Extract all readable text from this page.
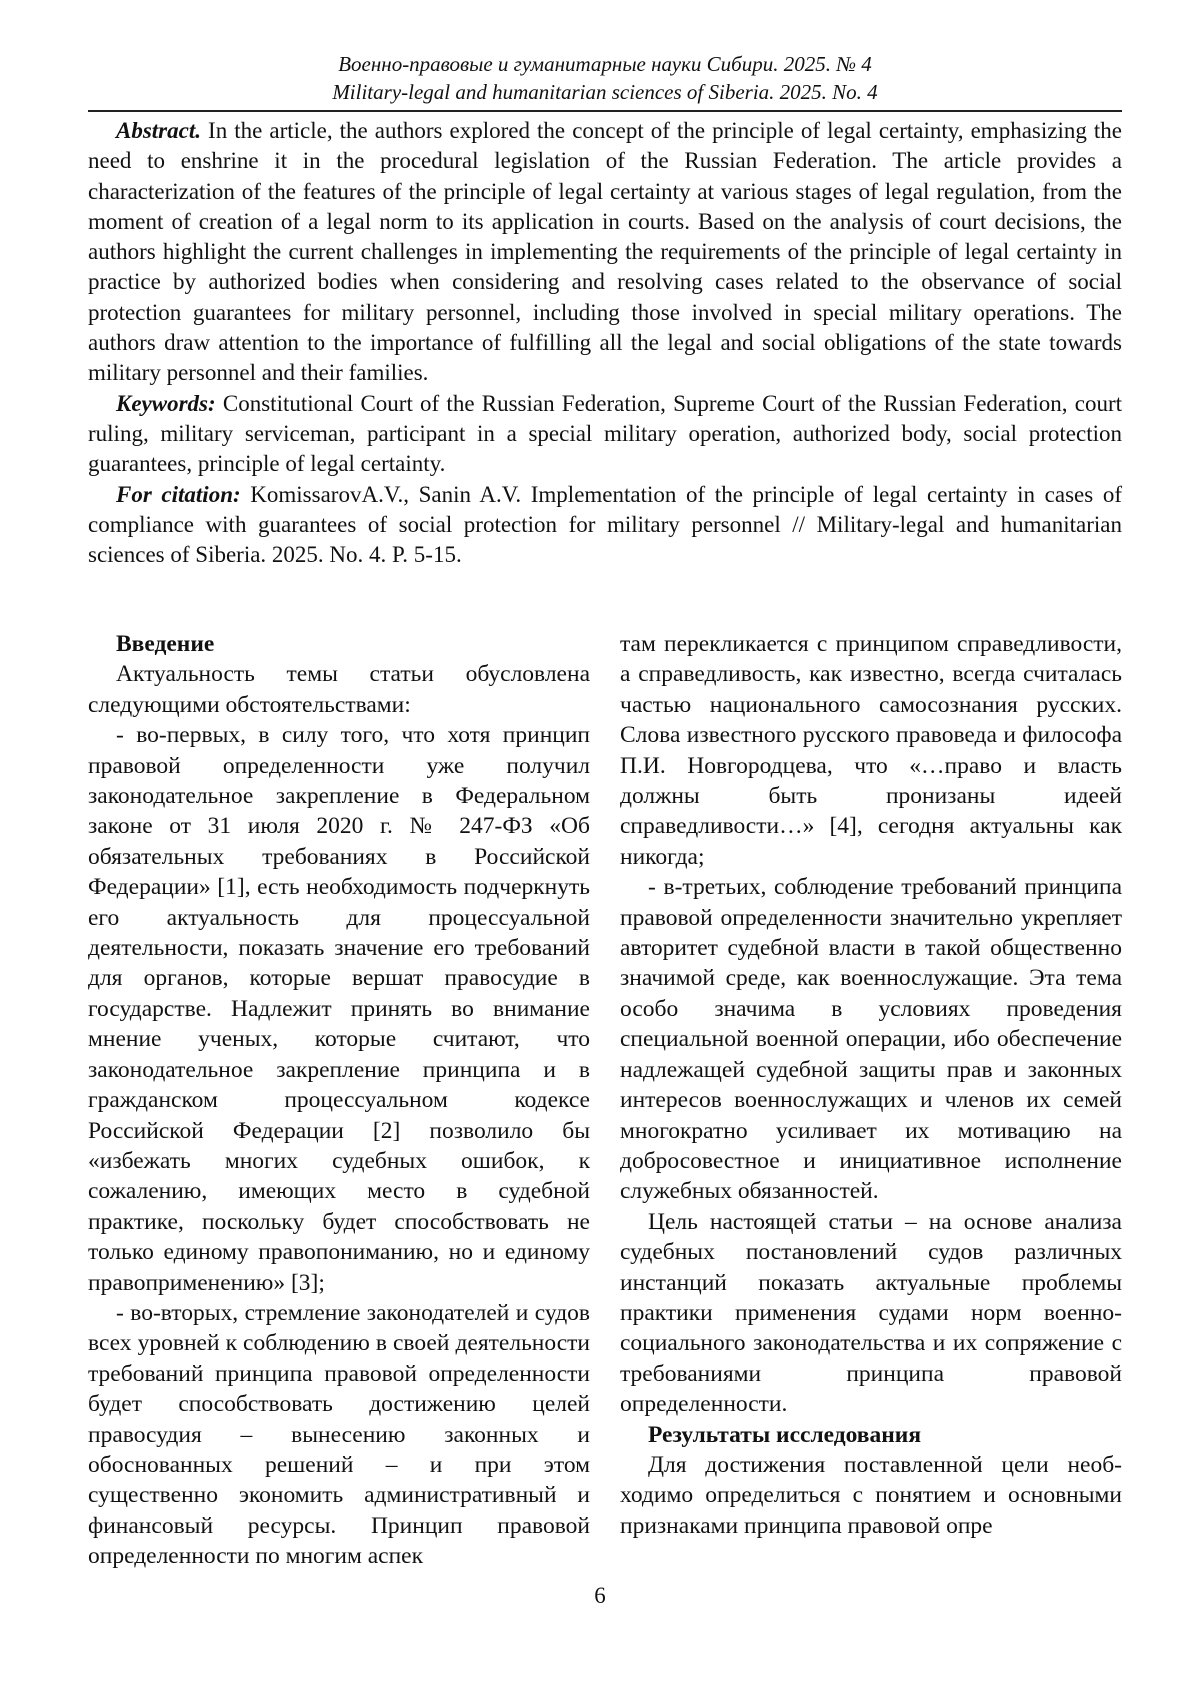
Военно-правовые и гуманитарные науки Сибири. 2025. № 4
Military-legal and humanitarian sciences of Siberia. 2025. No. 4

Abstract. In the article, the authors explored the concept of the principle of legal certainty, emphasizing the need to enshrine it in the procedural legislation of the Russian Federation. The article provides a characterization of the features of the principle of legal certainty at various stages of legal regulation, from the moment of creation of a legal norm to its application in courts. Based on the analysis of court decisions, the authors highlight the current challenges in implementing the requirements of the principle of legal certainty in practice by authorized bodies when considering and resolving cases related to the observance of social protection guarantees for military personnel, including those involved in special military operations. The authors draw attention to the importance of fulfilling all the legal and social obligations of the state towards military personnel and their families.

Keywords: Constitutional Court of the Russian Federation, Supreme Court of the Russian Federation, court ruling, military serviceman, participant in a special military operation, authorized body, social protection guarantees, principle of legal certainty.

For citation: KomissarovA.V., Sanin A.V. Implementation of the principle of legal certainty in cases of compliance with guarantees of social protection for military personnel // Military-legal and humanitarian sciences of Siberia. 2025. No. 4. P. 5-15.

Введение

Актуальность темы статьи обусловлена следующими обстоятельствами:

- во-первых, в силу того, что хотя принцип правовой определенности уже получил законодательное закрепление в Федеральном законе от 31 июля 2020 г. № 247-ФЗ «Об обязательных требованиях в Российской Федерации» [1], есть необходимость подчеркнуть его актуальность для процессуальной деятельности, показать значение его требований для органов, которые вершат правосудие в государстве. Надлежит принять во внимание мнение ученых, которые считают, что законодательное закрепление принципа и в гражданском процессуальном кодексе Российской Федерации [2] позволило бы «избежать многих судебных ошибок, к сожалению, имеющих место в судебной практике, поскольку будет способствовать не только единому правопониманию, но и единому правоприменению» [3];

- во-вторых, стремление законодателей и судов всех уровней к соблюдению в своей деятельности требований принципа правовой определенности будет способствовать достижению целей правосудия – вынесению законных и обоснованных решений – и при этом существенно экономить административный и финансовый ресурсы. Принцип правовой определенности по многим аспек

там перекликается с принципом справедливости, а справедливость, как известно, всегда считалась частью национального самосознания русских. Слова известного русского правоведа и философа П.И. Новгородцева, что «…право и власть должны быть пронизаны идеей справедливости…» [4], сегодня актуальны как никогда;

- в-третьих, соблюдение требований принципа правовой определенности значительно укрепляет авторитет судебной власти в такой общественно значимой среде, как военнослужащие. Эта тема особо значима в условиях проведения специальной военной операции, ибо обеспечение надлежащей судебной защиты прав и законных интересов военнослужащих и членов их семей многократно усиливает их мотивацию на добросовестное и инициативное исполнение служебных обязанностей.

Цель настоящей статьи – на основе анализа судебных постановлений судов различных инстанций показать актуальные проблемы практики применения судами норм военно-социального законодательства и их сопряжение с требованиями принципа правовой определенности.

Результаты исследования

Для достижения поставленной цели необходимо определиться с понятием и основными признаками принципа правовой опре

6
